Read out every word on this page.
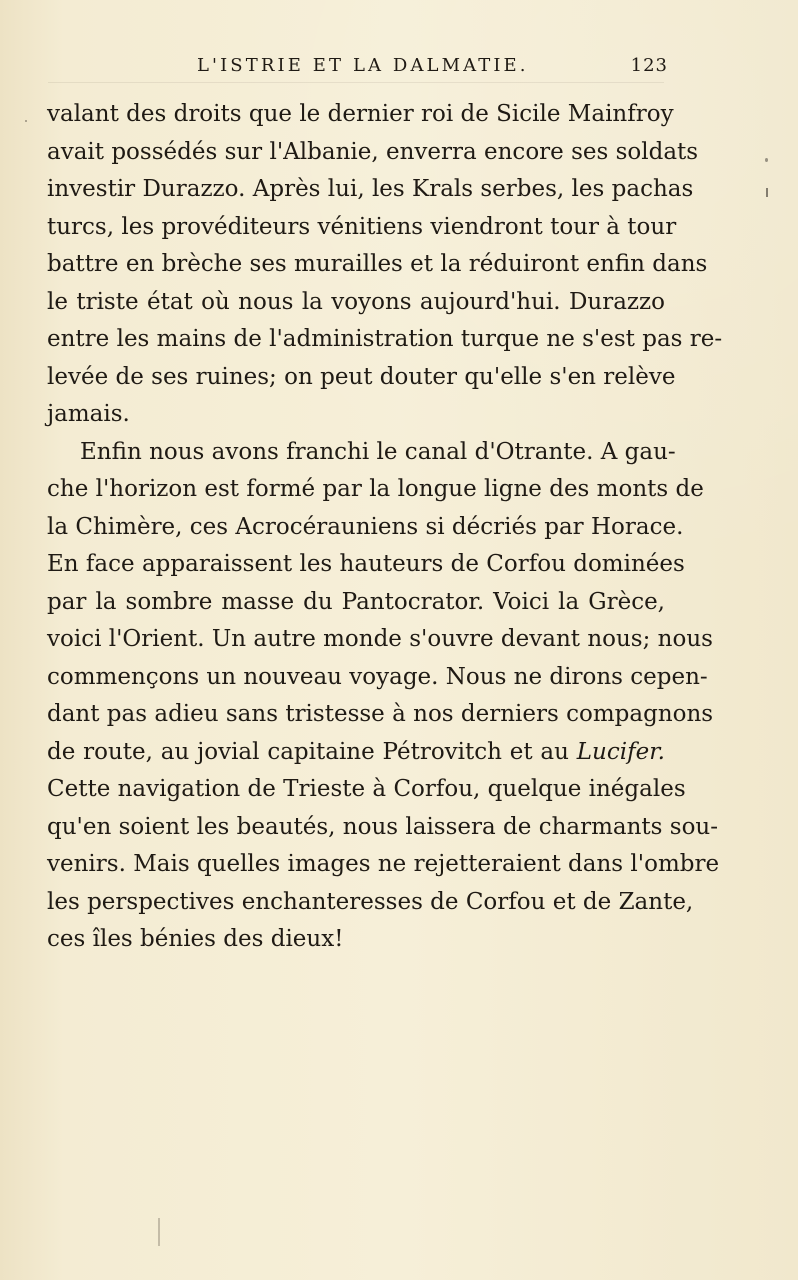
L'ISTRIE ET LA DALMATIE.	123
valant des droits que le dernier roi de Sicile Mainfroy
avait possédés sur l'Albanie, enverra encore ses soldats
investir Durazzo. Après lui, les Krals serbes, les pachas
turcs, les provéditeurs vénitiens viendront tour à tour
battre en brèche ses murailles et la réduiront enfin dans
le triste état où nous la voyons aujourd'hui. Durazzo
entre les mains de l'administration turque ne s'est pas re-
levée de ses ruines; on peut douter qu'elle s'en relève
jamais.
Enfin nous avons franchi le canal d'Otrante. A gau-
che l'horizon est formé par la longue ligne des monts de
la Chimère, ces Acrocérauniens si décriés par Horace.
En face apparaissent les hauteurs de Corfou dominées
par la sombre masse du Pantocrator. Voici la Grèce,
voici l'Orient. Un autre monde s'ouvre devant nous; nous
commençons un nouveau voyage. Nous ne dirons cepen-
dant pas adieu sans tristesse à nos derniers compagnons
de route, au jovial capitaine Pétrovitch et au Lucifer.
Cette navigation de Trieste à Corfou, quelque inégales
qu'en soient les beautés, nous laissera de charmants sou-
venirs. Mais quelles images ne rejetteraient dans l'ombre
les perspectives enchanteresses de Corfou et de Zante,
ces îles bénies des dieux!
